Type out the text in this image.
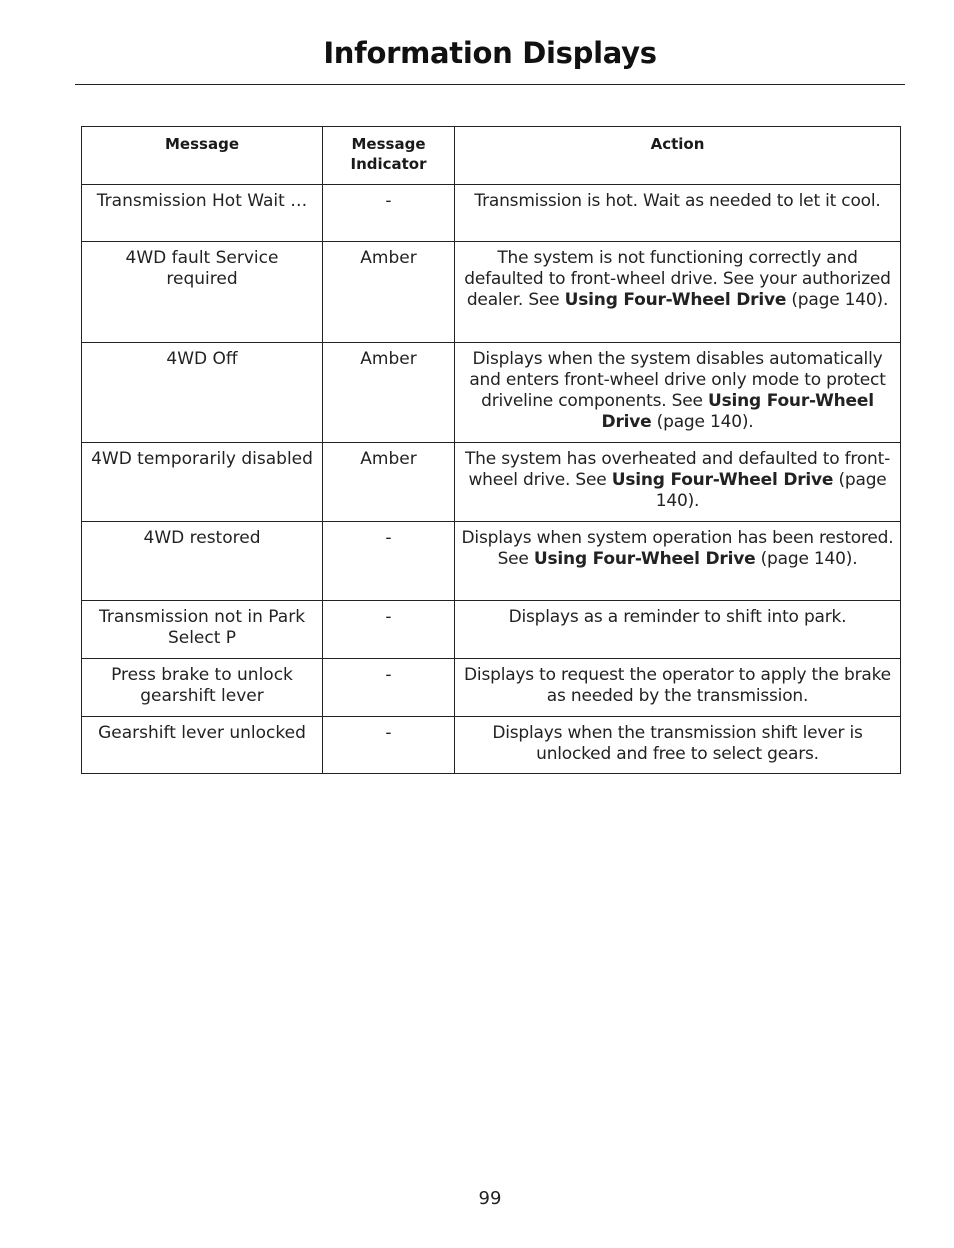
Information Displays
Message	Message Indicator	Action
Transmission Hot Wait …	-	Transmission is hot. Wait as needed to let it cool.
4WD fault Service required	Amber	The system is not functioning correctly and defaulted to front-wheel drive. See your authorized dealer. See Using Four-Wheel Drive (page 140).
4WD Off	Amber	Displays when the system disables automatically and enters front-wheel drive only mode to protect driveline components. See Using Four-Wheel Drive (page 140).
4WD temporarily disabled	Amber	The system has overheated and defaulted to front-wheel drive. See Using Four-Wheel Drive (page 140).
4WD restored	-	Displays when system operation has been restored. See Using Four-Wheel Drive (page 140).
Transmission not in Park Select P	-	Displays as a reminder to shift into park.
Press brake to unlock gearshift lever	-	Displays to request the operator to apply the brake as needed by the transmission.
Gearshift lever unlocked	-	Displays when the transmission shift lever is unlocked and free to select gears.
99
